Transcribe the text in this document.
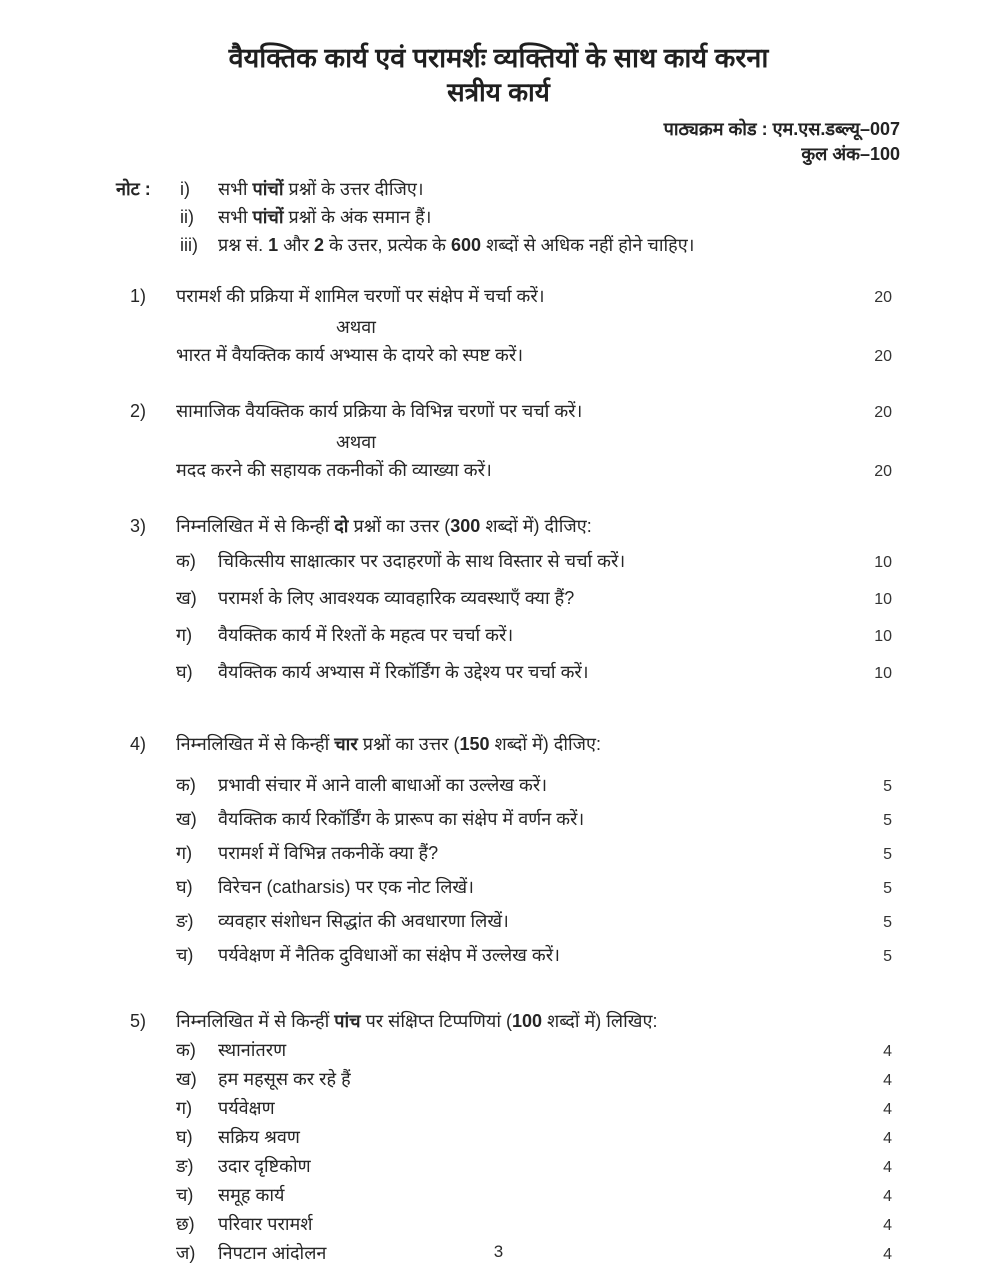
वैयक्तिक कार्य एवं परामर्शः व्यक्तियों के साथ कार्य करना
सत्रीय कार्य
पाठ्यक्रम कोड : एम.एस.डब्ल्यू–007
कुल अंक–100
नोट :	i)	सभी पांचों प्रश्नों के उत्तर दीजिए।
ii)	सभी पांचों प्रश्नों के अंक समान हैं।
iii)	प्रश्न सं. 1 और 2 के उत्तर, प्रत्येक के 600 शब्दों से अधिक नहीं होने चाहिए।
1)	परामर्श की प्रक्रिया में शामिल चरणों पर संक्षेप में चर्चा करें।	20
अथवा
भारत में वैयक्तिक कार्य अभ्यास के दायरे को स्पष्ट करें।	20
2)	सामाजिक वैयक्तिक कार्य प्रक्रिया के विभिन्न चरणों पर चर्चा करें।	20
अथवा
मदद करने की सहायक तकनीकों की व्याख्या करें।	20
3)	निम्नलिखित में से किन्हीं दो प्रश्नों का उत्तर (300 शब्दों में) दीजिए:
क)	चिकित्सीय साक्षात्कार पर उदाहरणों के साथ विस्तार से चर्चा करें।	10
ख)	परामर्श के लिए आवश्यक व्यावहारिक व्यवस्थाएँ क्या हैं?	10
ग)	वैयक्तिक कार्य में रिश्तों के महत्व पर चर्चा करें।	10
घ)	वैयक्तिक कार्य अभ्यास में रिकॉर्डिंग के उद्देश्य पर चर्चा करें।	10
4)	निम्नलिखित में से किन्हीं चार प्रश्नों का उत्तर (150 शब्दों में) दीजिए:
क)	प्रभावी संचार में आने वाली बाधाओं का उल्लेख करें।	5
ख)	वैयक्तिक कार्य रिकॉर्डिंग के प्रारूप का संक्षेप में वर्णन करें।	5
ग)	परामर्श में विभिन्न तकनीकें क्या हैं?	5
घ)	विरेचन (catharsis) पर एक नोट लिखें।	5
ङ)	व्यवहार संशोधन सिद्धांत की अवधारणा लिखें।	5
च)	पर्यवेक्षण में नैतिक दुविधाओं का संक्षेप में उल्लेख करें।	5
5)	निम्नलिखित में से किन्हीं पांच पर संक्षिप्त टिप्पणियां (100 शब्दों में) लिखिए:
क)	स्थानांतरण	4
ख)	हम महसूस कर रहे हैं	4
ग)	पर्यवेक्षण	4
घ)	सक्रिय श्रवण	4
ङ)	उदार दृष्टिकोण	4
च)	समूह कार्य	4
छ)	परिवार परामर्श	4
ज)	निपटान आंदोलन	4
3
